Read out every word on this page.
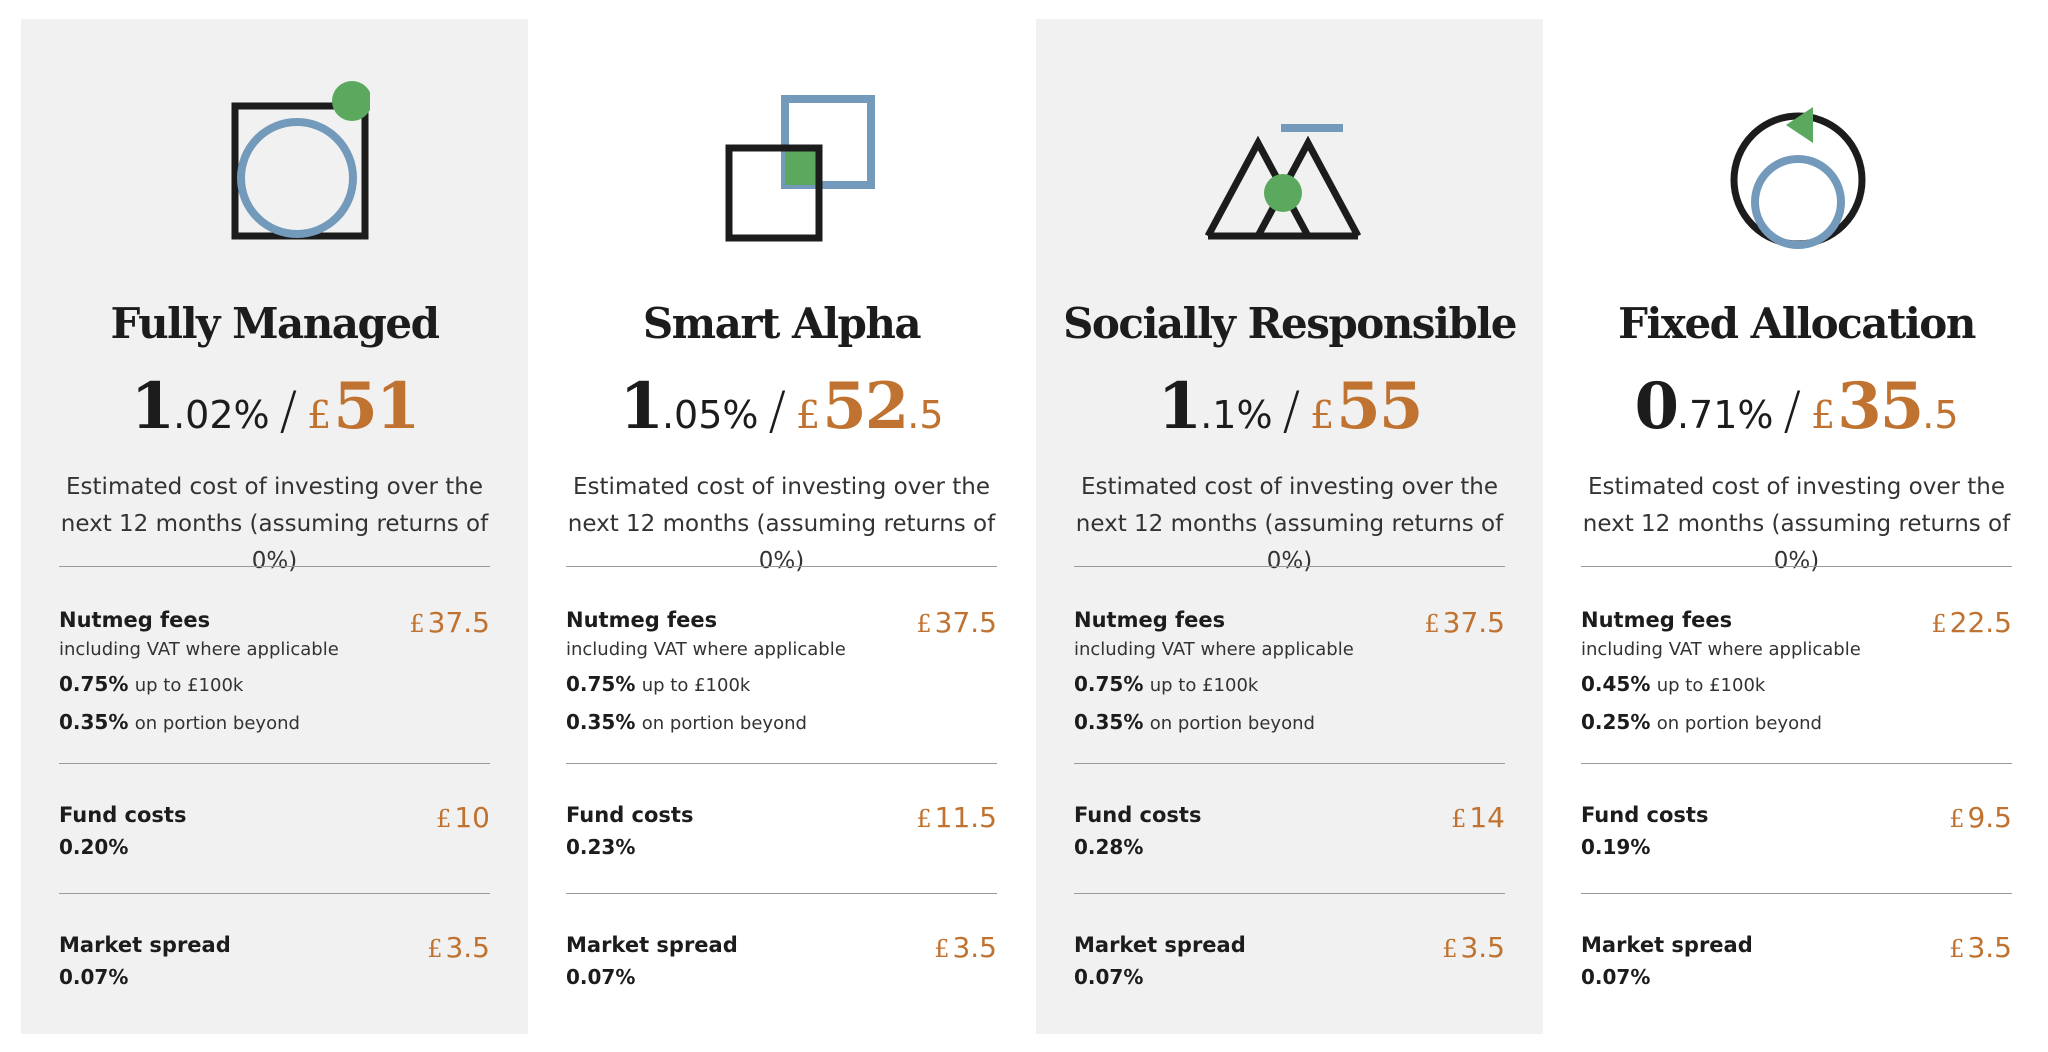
Fully Managed
1.02% / £51
Estimated cost of investing over the next 12 months (assuming returns of 0%)
Nutmeg fees
including VAT where applicable
0.75% up to £100k
0.35% on portion beyond
£ 37.5
Fund costs
0.20%
£ 10
Market spread
0.07%
£ 3.5
Smart Alpha
1.05% / £52.5
Estimated cost of investing over the next 12 months (assuming returns of 0%)
Nutmeg fees
including VAT where applicable
0.75% up to £100k
0.35% on portion beyond
£ 37.5
Fund costs
0.23%
£ 11.5
Market spread
0.07%
£ 3.5
Socially Responsible
1.1% / £55
Estimated cost of investing over the next 12 months (assuming returns of 0%)
Nutmeg fees
including VAT where applicable
0.75% up to £100k
0.35% on portion beyond
£ 37.5
Fund costs
0.28%
£ 14
Market spread
0.07%
£ 3.5
Fixed Allocation
0.71% / £35.5
Estimated cost of investing over the next 12 months (assuming returns of 0%)
Nutmeg fees
including VAT where applicable
0.45% up to £100k
0.25% on portion beyond
£ 22.5
Fund costs
0.19%
£ 9.5
Market spread
0.07%
£ 3.5
